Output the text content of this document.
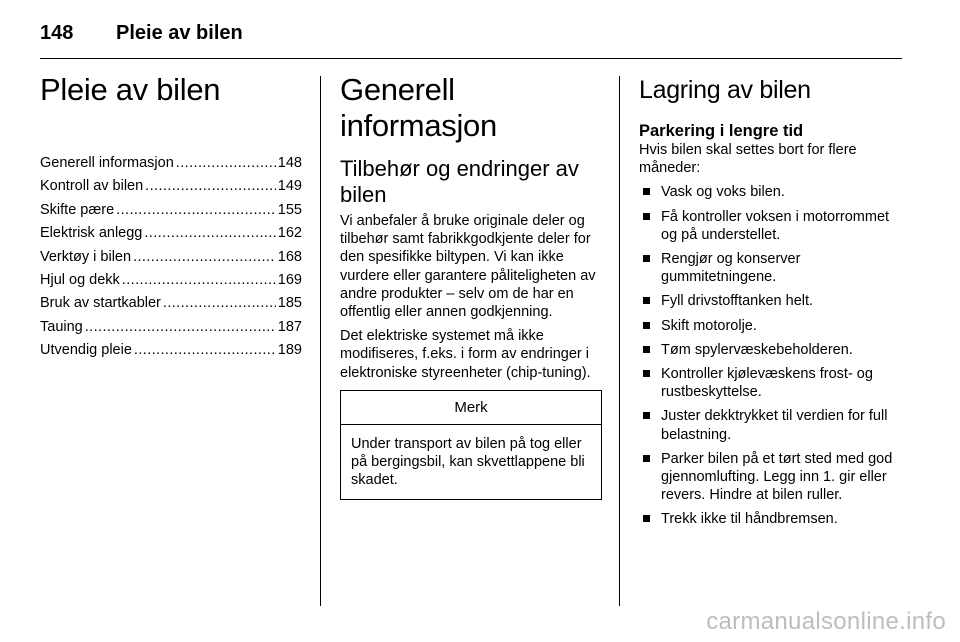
148	Pleie av bilen
Pleie av bilen
Generell informasjon .....	148
Kontroll av bilen .....	149
Skifte pære .....	155
Elektrisk anlegg .....	162
Verktøy i bilen .....	168
Hjul og dekk .....	169
Bruk av startkabler .....	185
Tauing .....	187
Utvendig pleie .....	189
Generell informasjon
Tilbehør og endringer av bilen

Vi anbefaler å bruke originale deler og tilbehør samt fabrikkgodkjente deler for den spesifikke biltypen. Vi kan ikke vurdere eller garantere påliteligheten av andre produkter – selv om de har en offentlig eller annen godkjenning.

Det elektriske systemet må ikke modifiseres, f.eks. i form av endringer i elektroniske styreenheter (chip-tuning).

Merk
Under transport av bilen på tog eller på bergingsbil, kan skvettlappene bli skadet.
Lagring av bilen
Parkering i lengre tid

Hvis bilen skal settes bort for flere måneder:

Vask og voks bilen.
Få kontroller voksen i motorrommet og på understellet.
Rengjør og konserver gummitetningene.
Fyll drivstofftanken helt.
Skift motorolje.
Tøm spylervæskebeholderen.
Kontroller kjølevæskens frost- og rustbeskyttelse.
Juster dekktrykket til verdien for full belastning.
Parker bilen på et tørt sted med god gjennomlufting. Legg inn 1. gir eller revers. Hindre at bilen ruller.
Trekk ikke til håndbremsen.
carmanualsonline.info
